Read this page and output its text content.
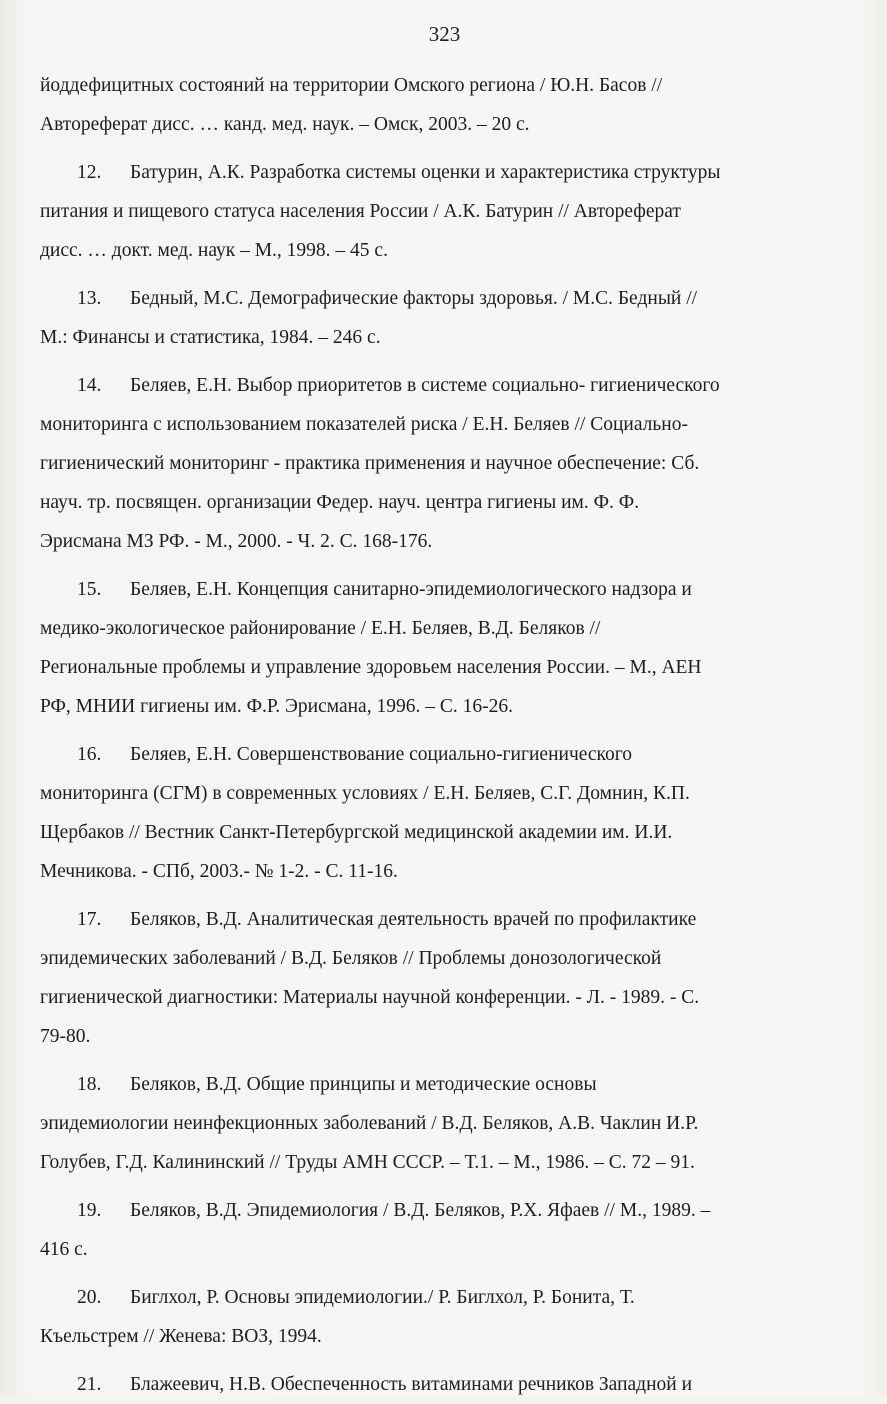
323
йоддефицитных состояний на территории Омского региона / Ю.Н. Басов //
Автореферат дисс. … канд. мед. наук. – Омск, 2003. – 20 с.
12. Батурин, А.К. Разработка системы оценки и характеристика структуры
питания и пищевого статуса населения России / А.К. Батурин // Автореферат
дисс. … докт. мед. наук – М., 1998. – 45 с.
13. Бедный, М.С. Демографические факторы здоровья. / М.С. Бедный //
М.: Финансы и статистика, 1984. – 246 с.
14. Беляев, Е.Н. Выбор приоритетов в системе социально- гигиенического
мониторинга с использованием показателей риска / Е.Н. Беляев // Социально-
гигиенический мониторинг - практика применения и научное обеспечение: Сб.
науч. тр. посвящен. организации Федер. науч. центра гигиены им. Ф. Ф.
Эрисмана МЗ РФ. - М., 2000. - Ч. 2. С. 168-176.
15. Беляев, Е.Н. Концепция санитарно-эпидемиологического надзора и
медико-экологическое районирование / Е.Н. Беляев, В.Д. Беляков //
Региональные проблемы и управление здоровьем населения России. – М., АЕН
РФ, МНИИ гигиены им. Ф.Р. Эрисмана, 1996. – С. 16-26.
16. Беляев, Е.Н. Совершенствование социально-гигиенического
мониторинга (СГМ) в современных условиях / Е.Н. Беляев, С.Г. Домнин, К.П.
Щербаков // Вестник Санкт-Петербургской медицинской академии им. И.И.
Мечникова. - СПб, 2003.- № 1-2. - С. 11-16.
17. Беляков, В.Д. Аналитическая деятельность врачей по профилактике
эпидемических заболеваний / В.Д. Беляков // Проблемы донозологической
гигиенической диагностики: Материалы научной конференции. - Л. - 1989. - С.
79-80.
18. Беляков, В.Д. Общие принципы и методические основы
эпидемиологии неинфекционных заболеваний / В.Д. Беляков, А.В. Чаклин И.Р.
Голубев, Г.Д. Калининский // Труды АМН СССР. – Т.1. – М., 1986. – С. 72 – 91.
19. Беляков, В.Д. Эпидемиология / В.Д. Беляков, Р.Х. Яфаев // М., 1989. –
416 с.
20. Биглхол, Р. Основы эпидемиологии./ Р. Биглхол, Р. Бонита, Т.
Къельстрем // Женева: ВОЗ, 1994.
21. Блажеевич, Н.В. Обеспеченность витаминами речников Западной и
